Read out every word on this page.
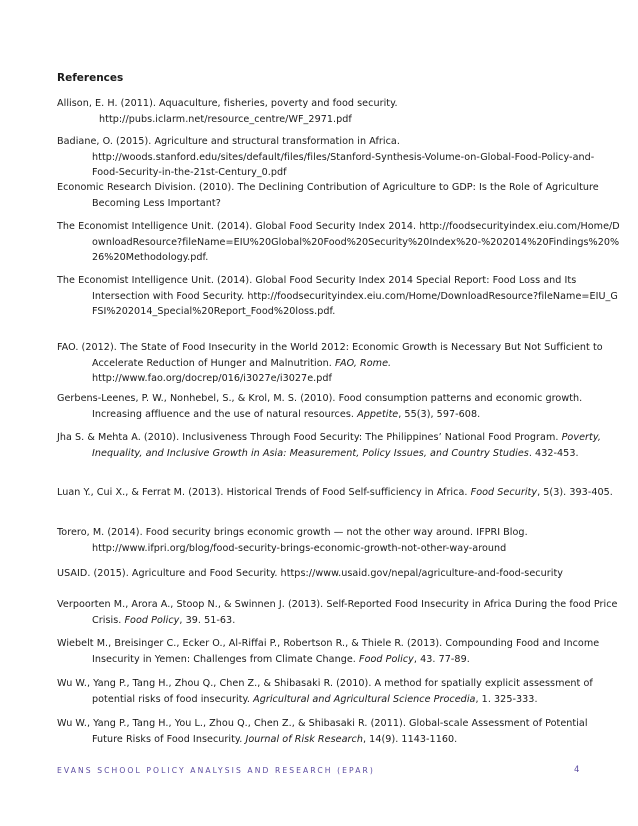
References
Allison, E. H. (2011). Aquaculture, fisheries, poverty and food security.
http://pubs.iclarm.net/resource_centre/WF_2971.pdf
Badiane, O. (2015). Agriculture and structural transformation in Africa. http://woods.stanford.edu/sites/default/files/files/Stanford-Synthesis-Volume-on-Global-Food-Policy-and-Food-Security-in-the-21st-Century_0.pdf
Economic Research Division. (2010). The Declining Contribution of Agriculture to GDP: Is the Role of Agriculture Becoming Less Important?
The Economist Intelligence Unit. (2014). Global Food Security Index 2014. http://foodsecurityindex.eiu.com/Home/DownloadResource?fileName=EIU%20Global%20Food%20Security%20Index%20-%202014%20Findings%20%26%20Methodology.pdf.
The Economist Intelligence Unit. (2014). Global Food Security Index 2014 Special Report: Food Loss and Its Intersection with Food Security. http://foodsecurityindex.eiu.com/Home/DownloadResource?fileName=EIU_GFSI%202014_Special%20Report_Food%20loss.pdf.
FAO. (2012). The State of Food Insecurity in the World 2012: Economic Growth is Necessary But Not Sufficient to Accelerate Reduction of Hunger and Malnutrition. FAO, Rome. http://www.fao.org/docrep/016/i3027e/i3027e.pdf
Gerbens-Leenes, P. W., Nonhebel, S., & Krol, M. S. (2010). Food consumption patterns and economic growth. Increasing affluence and the use of natural resources. Appetite, 55(3), 597-608.
Jha S. & Mehta A. (2010). Inclusiveness Through Food Security: The Philippines’ National Food Program. Poverty, Inequality, and Inclusive Growth in Asia: Measurement, Policy Issues, and Country Studies. 432-453.
Luan Y., Cui X., & Ferrat M. (2013). Historical Trends of Food Self-sufficiency in Africa. Food Security, 5(3). 393-405.
Torero, M. (2014). Food security brings economic growth — not the other way around. IFPRI Blog. http://www.ifpri.org/blog/food-security-brings-economic-growth-not-other-way-around
USAID. (2015). Agriculture and Food Security. https://www.usaid.gov/nepal/agriculture-and-food-security
Verpoorten M., Arora A., Stoop N., & Swinnen J. (2013). Self-Reported Food Insecurity in Africa During the food Price Crisis. Food Policy, 39. 51-63.
Wiebelt M., Breisinger C., Ecker O., Al-Riffai P., Robertson R., & Thiele R. (2013). Compounding Food and Income Insecurity in Yemen: Challenges from Climate Change. Food Policy, 43. 77-89.
Wu W., Yang P., Tang H., Zhou Q., Chen Z., & Shibasaki R. (2010). A method for spatially explicit assessment of potential risks of food insecurity. Agricultural and Agricultural Science Procedia, 1. 325-333.
Wu W., Yang P., Tang H., You L., Zhou Q., Chen Z., & Shibasaki R. (2011). Global-scale Assessment of Potential Future Risks of Food Insecurity. Journal of Risk Research, 14(9). 1143-1160.
EVANS SCHOOL POLICY ANALYSIS AND RESEARCH (EPAR)	4
